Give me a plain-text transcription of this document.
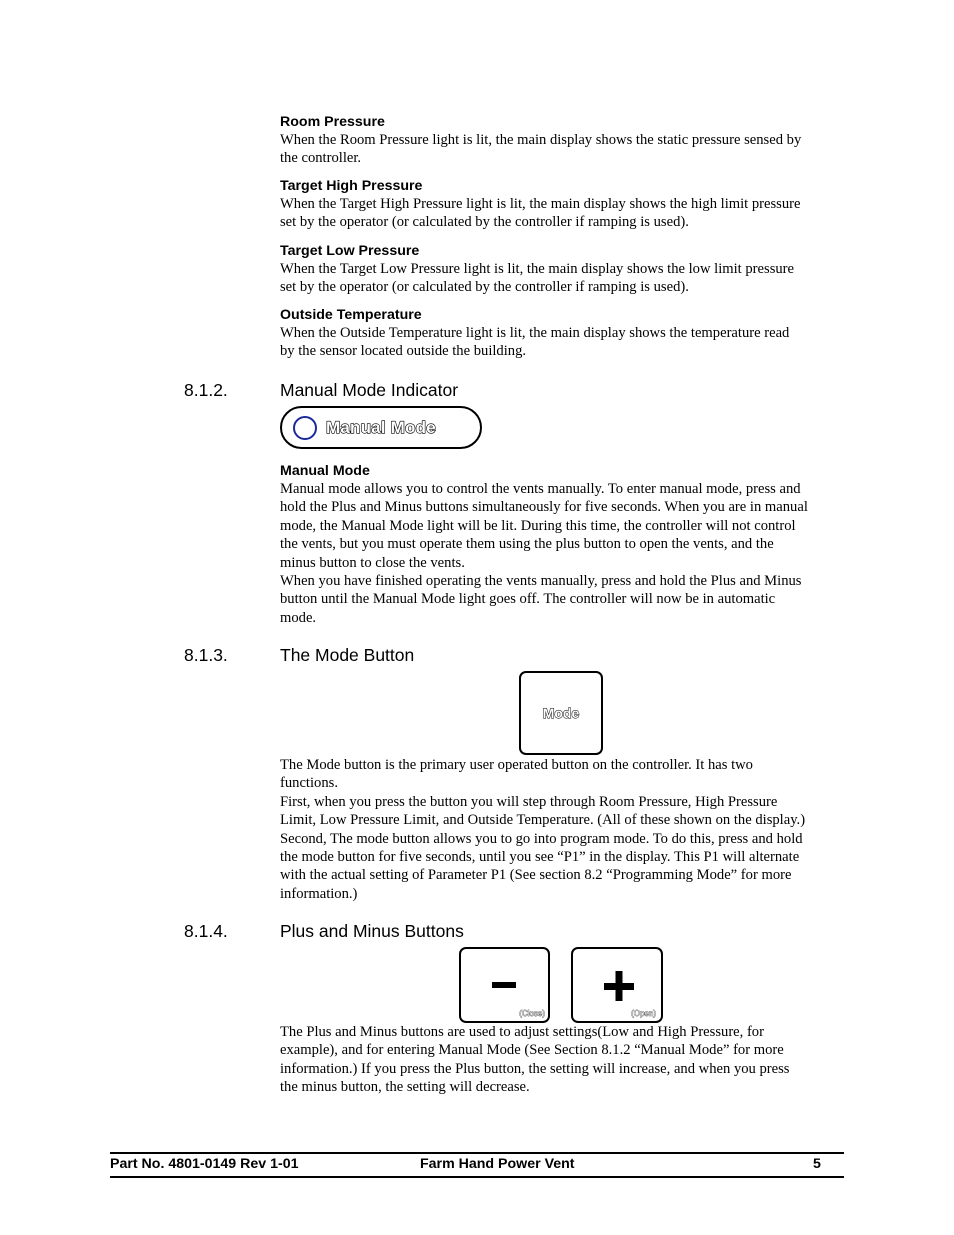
Room Pressure

When the Room Pressure light is lit, the main display shows the static pressure sensed by

the controller.

Target High Pressure

When the Target High Pressure light is lit, the main display shows the high limit pressure

set by the operator (or calculated by the controller if ramping is used).

Target Low Pressure

When the Target Low Pressure light is lit, the main display shows the low limit pressure

set by the operator (or calculated by the controller if ramping is used).

Outside Temperature

When the Outside Temperature light is lit, the main display shows the temperature read

by the sensor located outside the building.

8.1.2.	Manual Mode Indicator
Manual Mode

Manual Mode

Manual mode allows you to control the vents manually. To enter manual mode, press and

hold the Plus and Minus buttons simultaneously for five seconds. When you are in manual

mode, the Manual Mode light will be lit. During this time, the controller will not control

the vents, but you must operate them using the plus button to open the vents, and the

minus button to close the vents.

When you have finished operating the vents manually, press and hold the Plus and Minus

button until the Manual Mode light goes off. The controller will now be in automatic

mode.

8.1.3.	The Mode Button
Mode

The Mode button is the primary user operated button on the controller. It has two

functions.

First, when you press the button you will step through Room Pressure, High Pressure

Limit, Low Pressure Limit, and Outside Temperature. (All of these shown on the display.)

Second, The mode button allows you to go into program mode. To do this, press and hold

the mode button for five seconds, until you see “P1” in the display. This P1 will alternate

with the actual setting of Parameter P1 (See section 8.2 “Programming Mode” for more

information.)

8.1.4.	Plus and Minus Buttons
(Close)	(Open)

The Plus and Minus buttons are used to adjust settings(Low and High Pressure, for

example), and for entering Manual Mode (See Section 8.1.2 “Manual Mode” for more

information.) If you press the Plus button, the setting will increase, and when you press

the minus button, the setting will decrease.

Part No. 4801-0149 Rev 1-01	Farm Hand Power Vent	5
